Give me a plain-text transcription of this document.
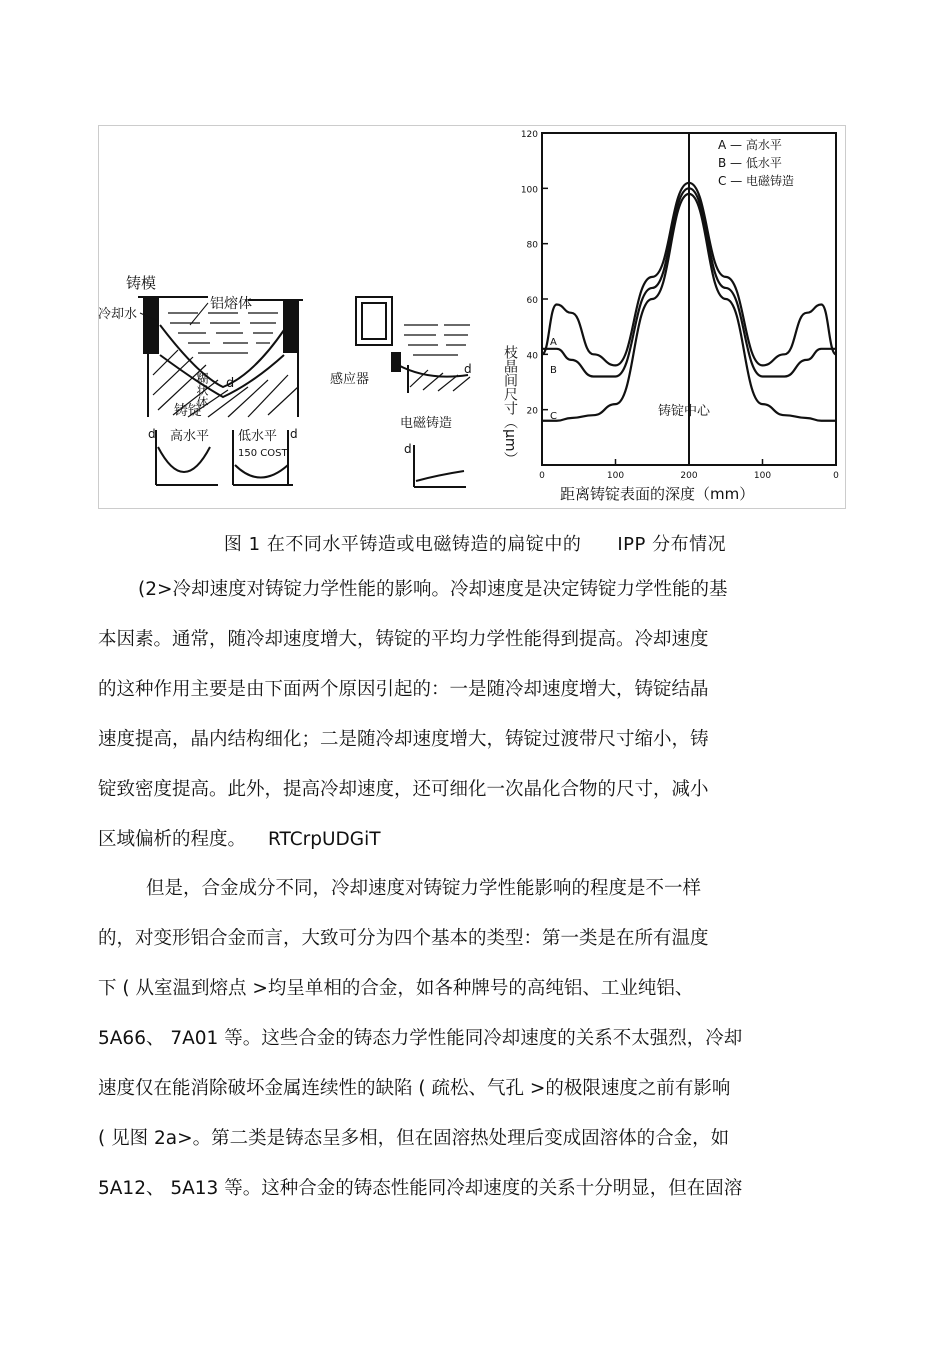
铸模
冷却水
铝熔体
糊状体
铸锭
d
d 高水平 低水平
150 COST
d
感应器
d
电磁铸造
d
20
40
60
80
100
120
0	100	200	100	0
铸锭中心
A — 高水平
B — 低水平
C — 电磁铸造
A
B
C
枝晶间尺寸（μm）
距离铸锭表面的深度（mm）
图 1 在不同水平铸造或电磁铸造的扁锭中的 IPP 分布情况

(2>冷却速度对铸锭力学性能的影响。冷却速度是决定铸锭力学性能的基

本因素。通常，随冷却速度增大，铸锭的平均力学性能得到提高。冷却速度

的这种作用主要是由下面两个原因引起的：一是随冷却速度增大，铸锭结晶

速度提高，晶内结构细化；二是随冷却速度增大，铸锭过渡带尺寸缩小，铸

锭致密度提高。此外，提高冷却速度，还可细化一次晶化合物的尺寸，减小

区域偏析的程度。 RTCrpUDGiT

但是，合金成分不同，冷却速度对铸锭力学性能影响的程度是不一样

的，对变形铝合金而言，大致可分为四个基本的类型：第一类是在所有温度

下 ( 从室温到熔点 >均呈单相的合金，如各种牌号的高纯铝、工业纯铝、

5A66、 7A01 等。这些合金的铸态力学性能同冷却速度的关系不太强烈，冷却

速度仅在能消除破坏金属连续性的缺陷 ( 疏松、气孔 >的极限速度之前有影响

( 见图 2a>。第二类是铸态呈多相，但在固溶热处理后变成固溶体的合金，如

5A12、 5A13 等。这种合金的铸态性能同冷却速度的关系十分明显，但在固溶
